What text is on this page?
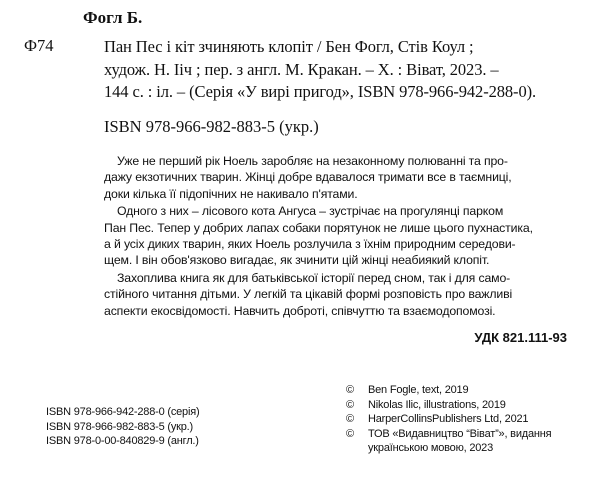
Фогл Б.
Ф74	Пан Пес і кіт зчиняють клопіт / Бен Фогл, Стів Коул ;
худож. Н. Ііч ; пер. з англ. М. Кракан. – Х. : Віват, 2023. –
144 с. : іл. – (Серія «У вирі пригод», ISBN 978-966-942-288-0).
ISBN 978-966-982-883-5 (укр.)

Уже не перший рік Ноель заробляє на незаконному полюванні та про-
дажу екзотичних тварин. Жінці добре вдавалося тримати все в таємниці,
доки кілька її підопічних не накивало п'ятами.

Одного з них – лісового кота Ангуса – зустрічає на прогулянці парком
Пан Пес. Тепер у добрих лапах собаки порятунок не лише цього пухнастика,
а й усіх диких тварин, яких Ноель розлучила з їхнім природним середови-
щем. І він обов'язково вигадає, як зчинити цій жінці неабиякий клопіт.

Захоплива книга як для батьківської історії перед сном, так і для само-
стійного читання дітьми. У легкій та цікавій формі розповість про важливі
аспекти екосвідомості. Навчить доброті, співчуттю та взаємодопомозі.

УДК 821.111-93
ISBN 978-966-942-288-0 (серія)
ISBN 978-966-982-883-5 (укр.)
ISBN 978-0-00-840829-9 (англ.)
©	Ben Fogle, text, 2019
©	Nikolas Ilic, illustrations, 2019
©	HarperCollinsPublishers Ltd, 2021
©	ТОВ «Видавництво “Віват”», видання
українською мовою, 2023
